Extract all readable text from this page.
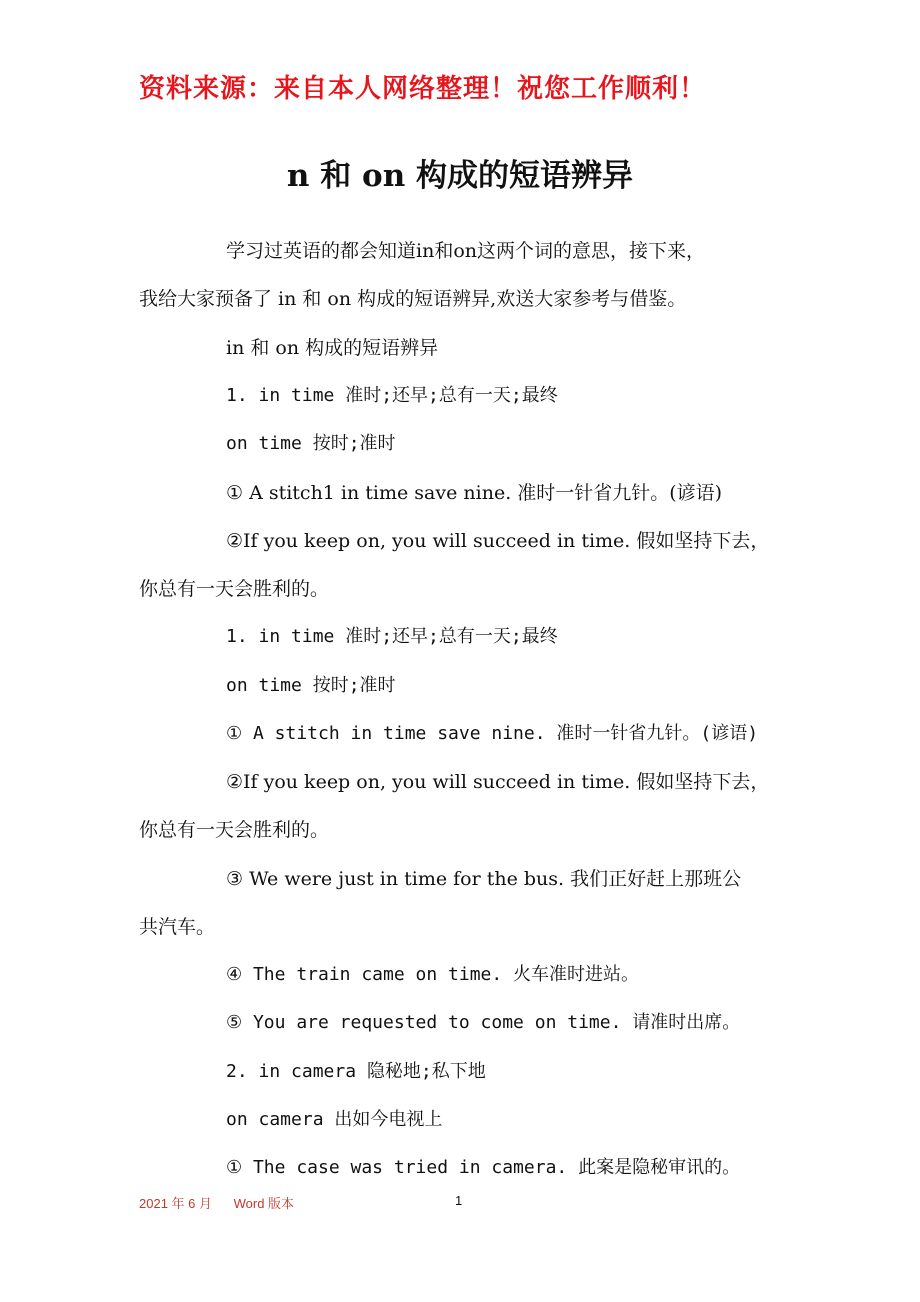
资料来源：来自本人网络整理！祝您工作顺利！
n 和 on 构成的短语辨异
学习过英语的都会知道in和on这两个词的意思，接下来，
我给大家预备了 in 和 on 构成的短语辨异,欢送大家参考与借鉴。
in 和 on 构成的短语辨异
1. in time 准时;还早;总有一天;最终
on time 按时;准时
① A stitch1 in time save nine. 准时一针省九针。(谚语)
②If you keep on, you will succeed in time. 假如坚持下去，
你总有一天会胜利的。
1. in time 准时;还早;总有一天;最终
on time 按时;准时
① A stitch in time save nine. 准时一针省九针。(谚语)
②If you keep on, you will succeed in time. 假如坚持下去，
你总有一天会胜利的。
③ We were just in time for the bus. 我们正好赶上那班公
共汽车。
④ The train came on time. 火车准时进站。
⑤ You are requested to come on time. 请准时出席。
2. in camera 隐秘地;私下地
on camera 出如今电视上
① The case was tried in camera. 此案是隐秘审讯的。
2021 年 6 月 Word 版本	1
